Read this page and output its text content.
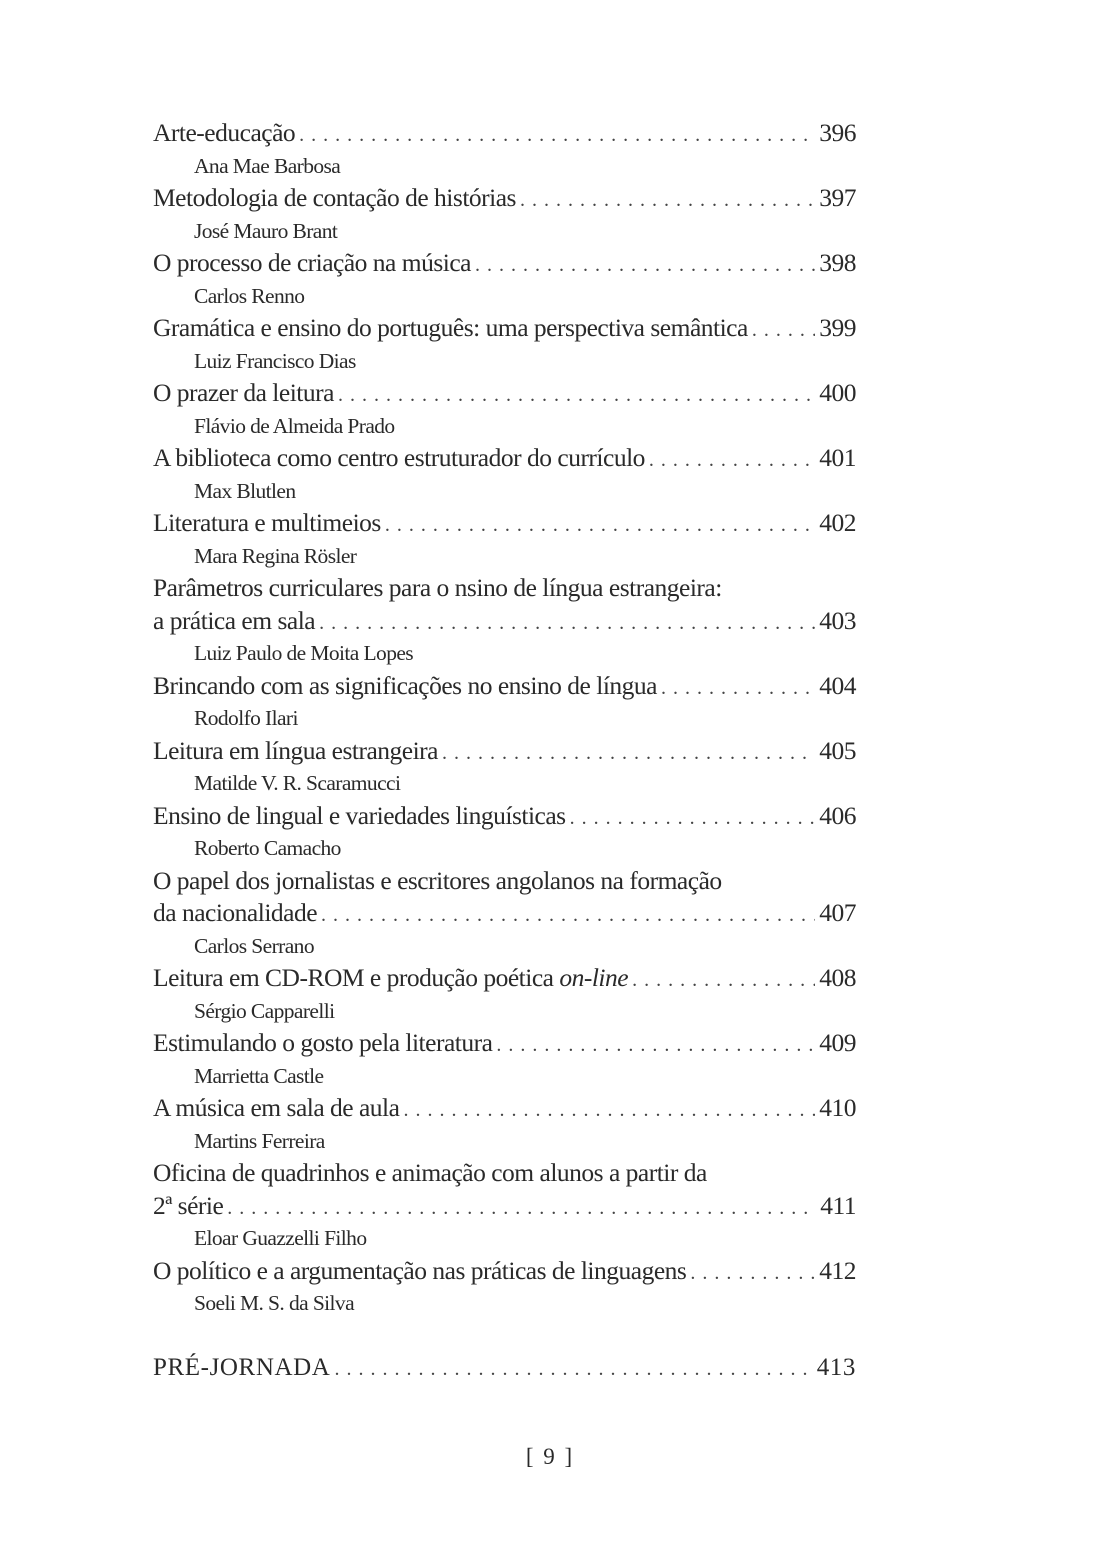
Arte-educação . . .	396
Ana Mae Barbosa
Metodologia de contação de histórias . . .	397
José Mauro Brant
O processo de criação na música . . .	398
Carlos Renno
Gramática e ensino do português: uma perspectiva semântica . . .	399
Luiz Francisco Dias
O prazer da leitura . . .	400
Flávio de Almeida Prado
A biblioteca como centro estruturador do currículo . . .	401
Max Blutlen
Literatura e multimeios . . .	402
Mara Regina Rösler
Parâmetros curriculares para o nsino de língua estrangeira:
a prática em sala . . .	403
Luiz Paulo de Moita Lopes
Brincando com as significações no ensino de língua . . .	404
Rodolfo Ilari
Leitura em língua estrangeira . . .	405
Matilde V. R. Scaramucci
Ensino de lingual e variedades linguísticas . . .	406
Roberto Camacho
O papel dos jornalistas e escritores angolanos na formação
da nacionalidade . . .	407
Carlos Serrano
Leitura em CD-ROM e produção poética on-line . . .	408
Sérgio Capparelli
Estimulando o gosto pela literatura . . .	409
Marrietta Castle
A música em sala de aula . . .	410
Martins Ferreira
Oficina de quadrinhos e animação com alunos a partir da
2ª série . . .	411
Eloar Guazzelli Filho
O político e a argumentação nas práticas de linguagens . . .	412
Soeli M. S. da Silva
PRÉ-JORNADA . . .	413
[ 9 ]
